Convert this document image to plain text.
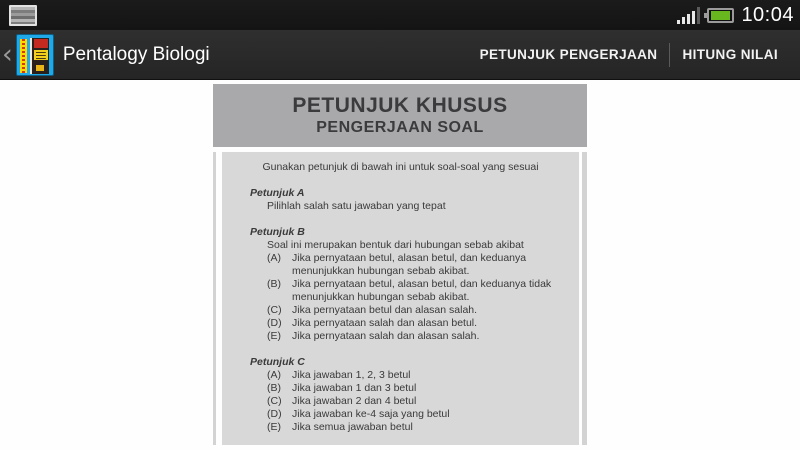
10:04
‹	Pentalogy Biologi	PETUNJUK PENGERJAAN	HITUNG NILAI
PETUNJUK KHUSUS
PENGERJAAN SOAL
Gunakan petunjuk di bawah ini untuk soal-soal yang sesuai
Petunjuk A
Pilihlah salah satu jawaban yang tepat
Petunjuk B
Soal ini merupakan bentuk dari hubungan sebab akibat
(A)	Jika pernyataan betul, alasan betul, dan keduanya menunjukkan hubungan sebab akibat.
(B)	Jika pernyataan betul, alasan betul, dan keduanya tidak menunjukkan hubungan sebab akibat.
(C) Jika pernyataan betul dan alasan salah.
(D) Jika pernyataan salah dan alasan betul.
(E)	Jika pernyataan salah dan alasan salah.
Petunjuk C
(A)	Jika jawaban 1, 2, 3 betul
(B)	Jika jawaban 1 dan 3 betul
(C) Jika jawaban 2 dan 4 betul
(D) Jika jawaban ke-4 saja yang betul
(E)	Jika semua jawaban betul
